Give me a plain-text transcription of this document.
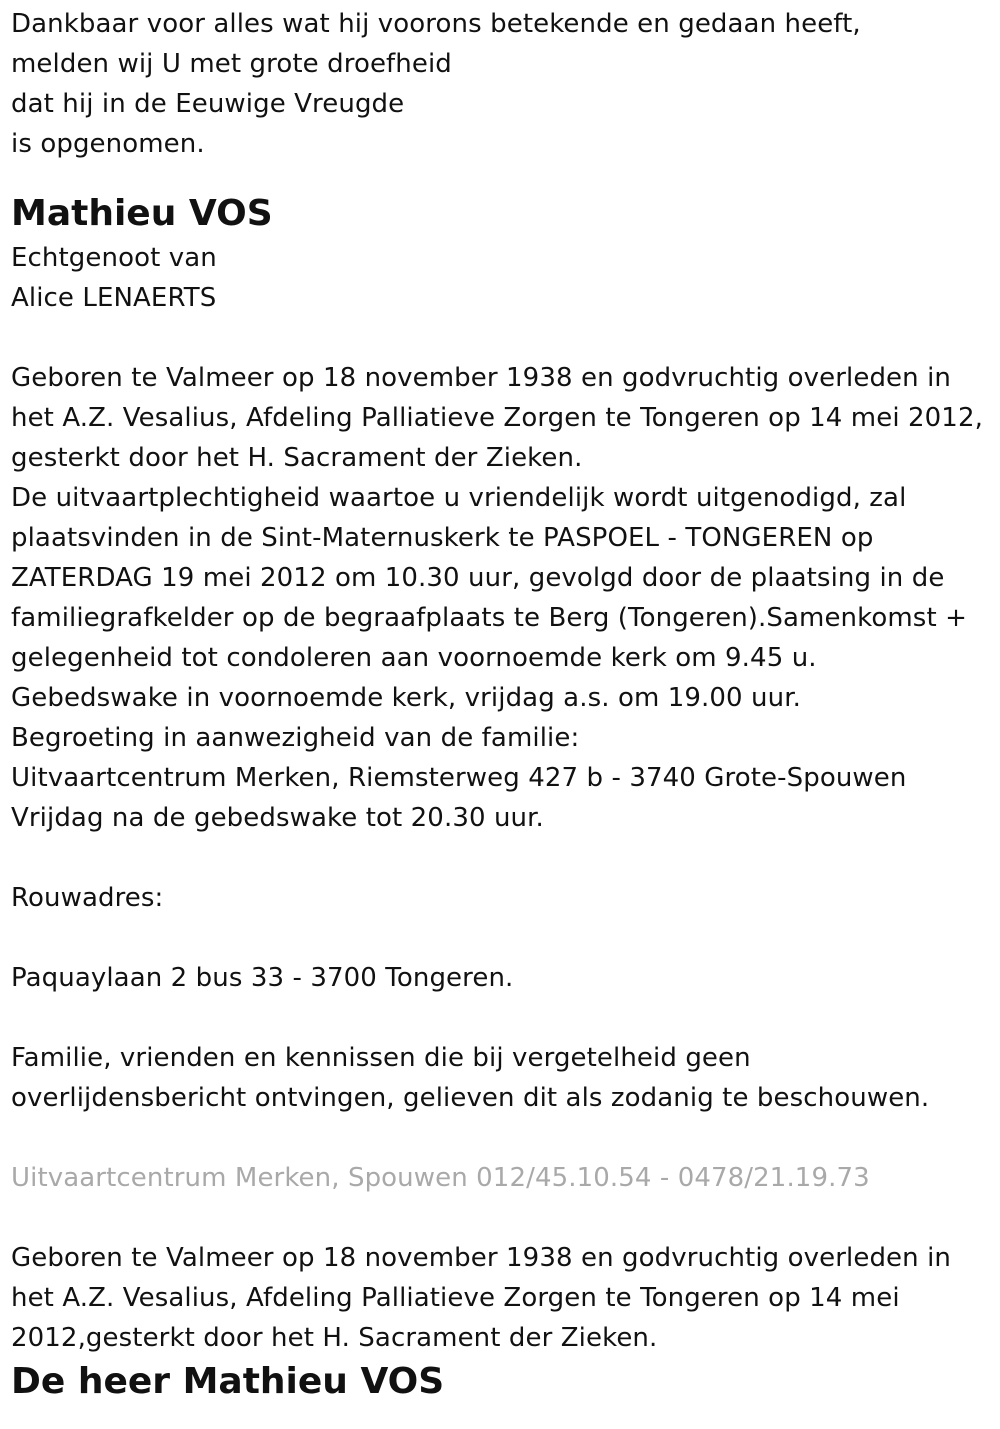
Dankbaar voor alles wat hij voorons betekende en gedaan heeft,
melden wij U met grote droefheid
dat hij in de Eeuwige Vreugde
is opgenomen.
Mathieu VOS
Echtgenoot van
Alice LENAERTS
Geboren te Valmeer op 18 november 1938 en godvruchtig overleden in
het A.Z. Vesalius, Afdeling Palliatieve Zorgen te Tongeren op 14 mei 2012,
gesterkt door het H. Sacrament der Zieken.
De uitvaartplechtigheid waartoe u vriendelijk wordt uitgenodigd, zal
plaatsvinden in de Sint-Maternuskerk te PASPOEL - TONGEREN op
ZATERDAG 19 mei 2012 om 10.30 uur, gevolgd door de plaatsing in de
familiegrafkelder op de begraafplaats te Berg (Tongeren).Samenkomst +
gelegenheid tot condoleren aan voornoemde kerk om 9.45 u.
Gebedswake in voornoemde kerk, vrijdag a.s. om 19.00 uur.
Begroeting in aanwezigheid van de familie:
Uitvaartcentrum Merken, Riemsterweg 427 b - 3740 Grote-Spouwen
Vrijdag na de gebedswake tot 20.30 uur.
Rouwadres:
Paquaylaan 2 bus 33 - 3700 Tongeren.
Familie, vrienden en kennissen die bij vergetelheid geen
overlijdensbericht ontvingen, gelieven dit als zodanig te beschouwen.
Uitvaartcentrum Merken, Spouwen 012/45.10.54 - 0478/21.19.73
Geboren te Valmeer op 18 november 1938 en godvruchtig overleden in
het A.Z. Vesalius, Afdeling Palliatieve Zorgen te Tongeren op 14 mei
2012,gesterkt door het H. Sacrament der Zieken.
De heer Mathieu VOS
